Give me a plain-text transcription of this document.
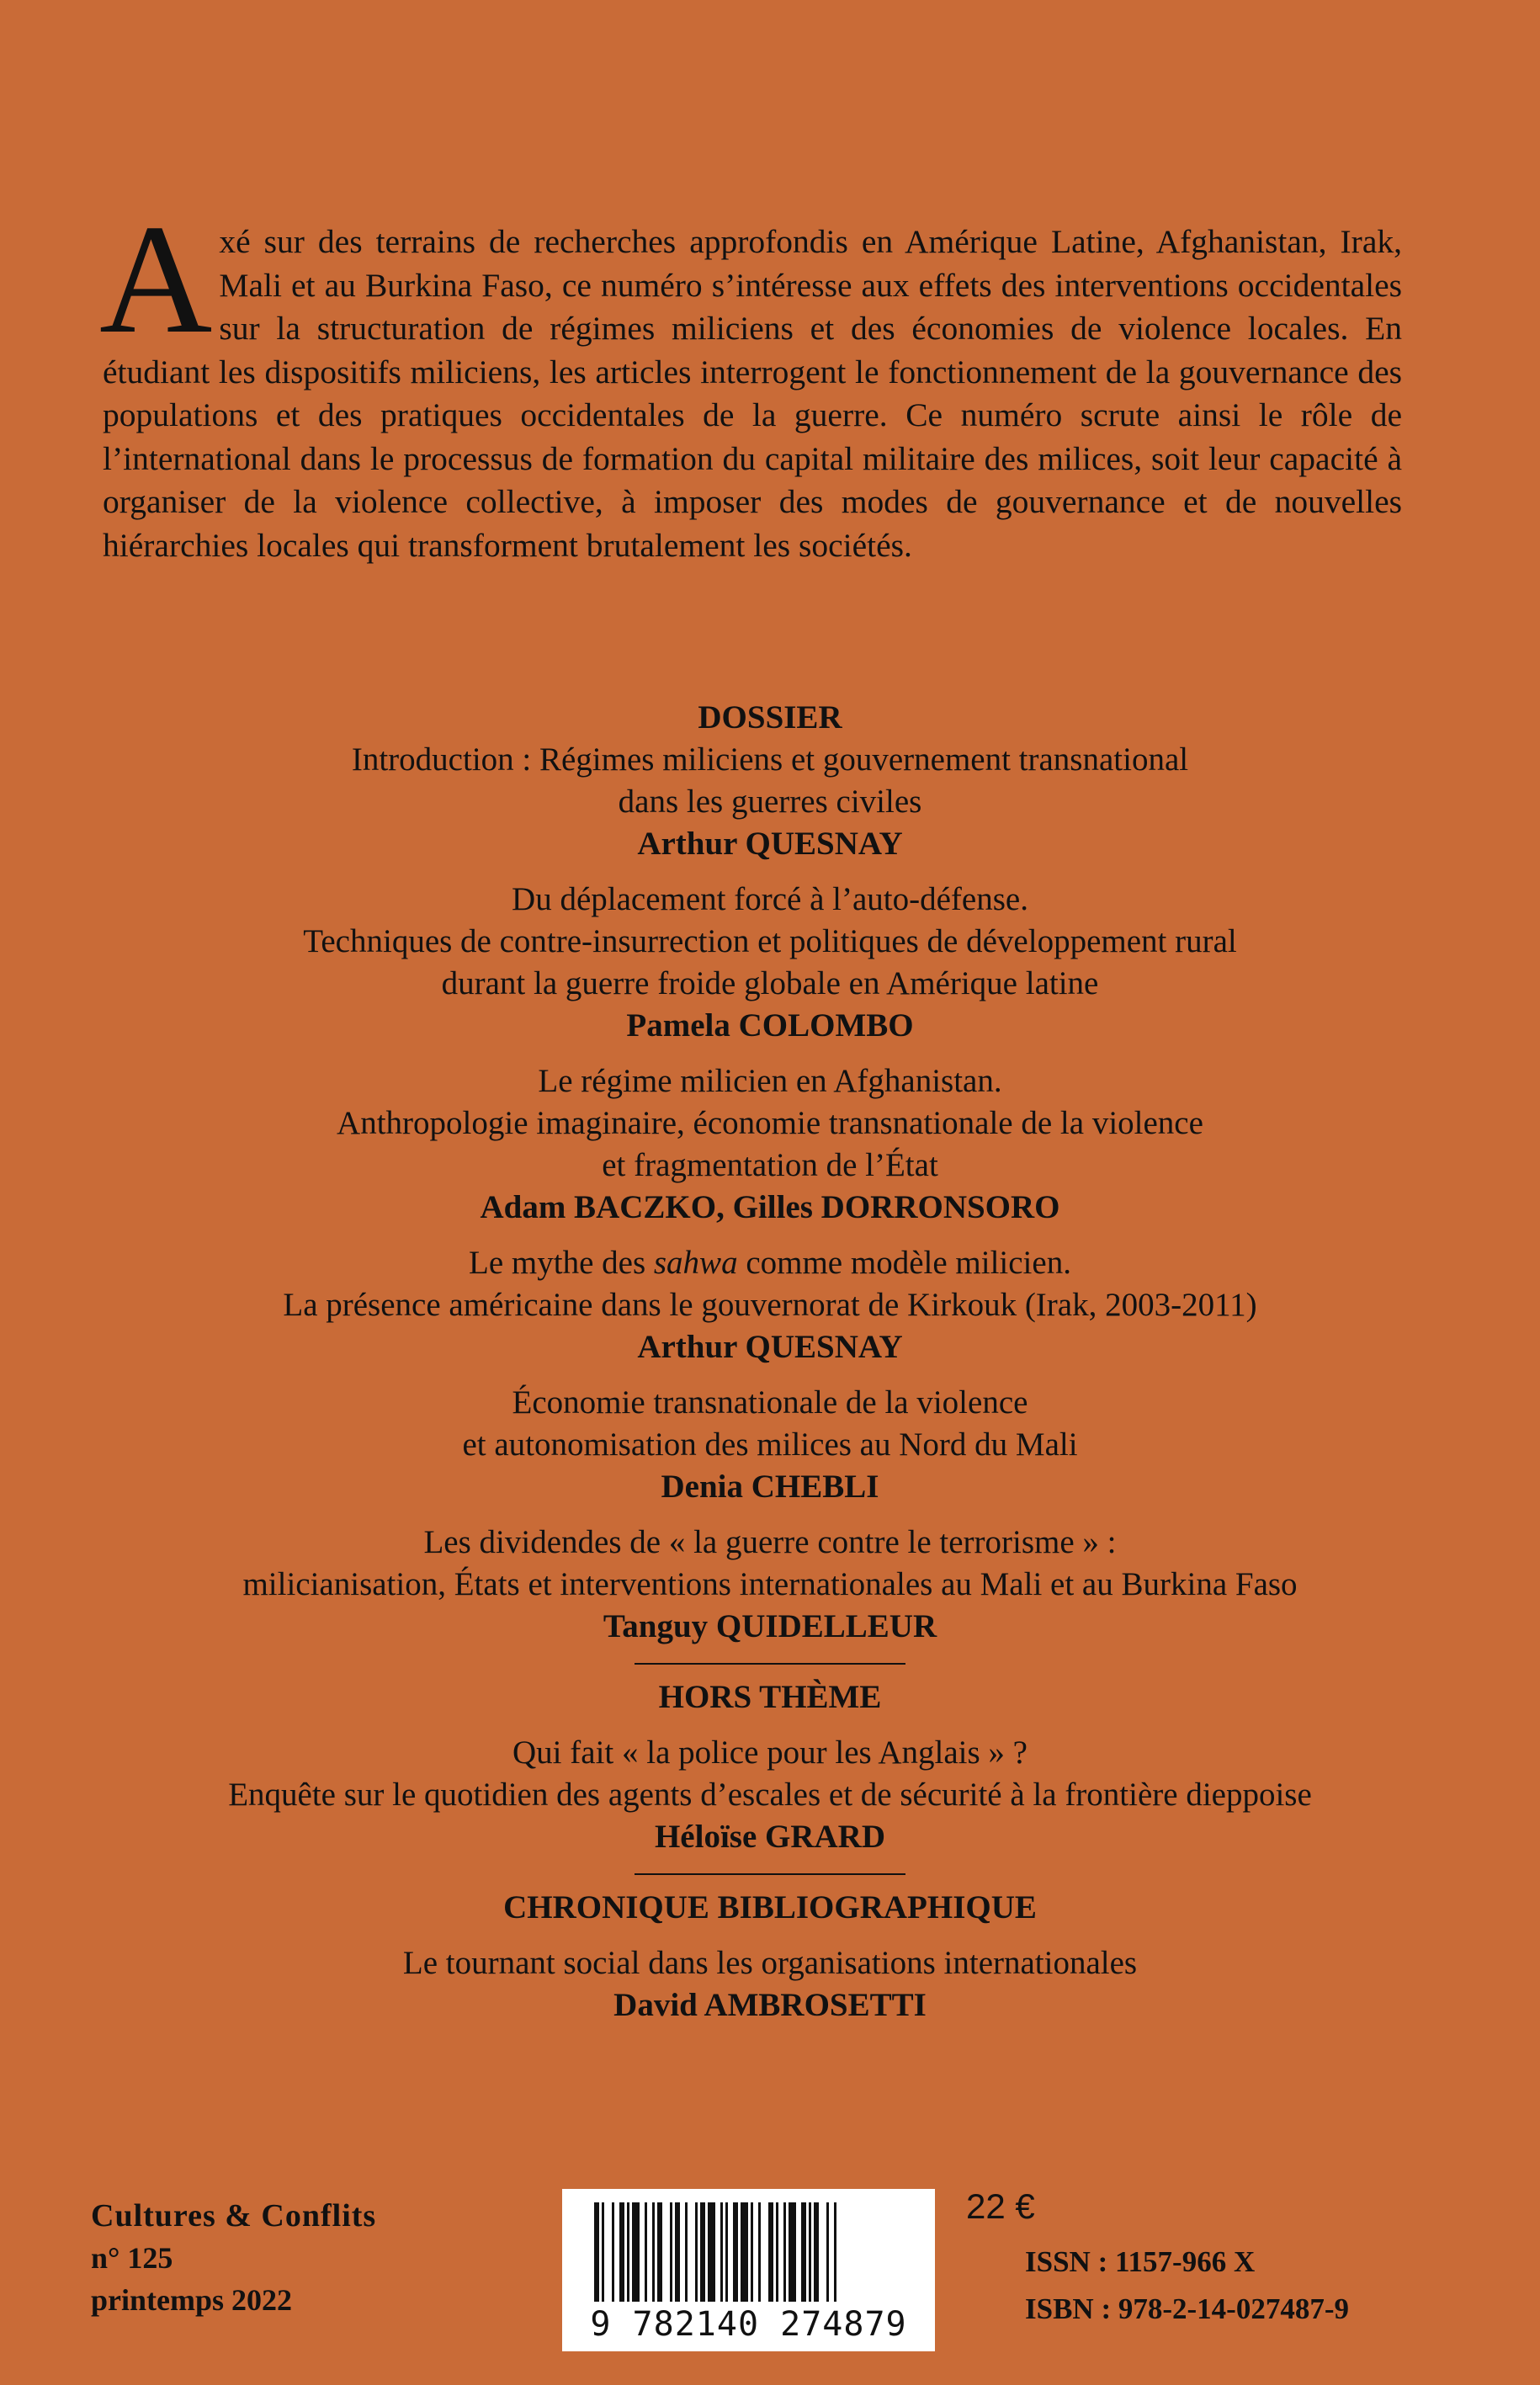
Axé sur des terrains de recherches approfondis en Amérique Latine, Afghanistan, Irak, Mali et au Burkina Faso, ce numéro s’intéresse aux effets des interventions occidentales sur la structuration de régimes miliciens et des économies de violence locales. En étudiant les dispositifs miliciens, les articles interrogent le fonctionnement de la gouvernance des populations et des pratiques occidentales de la guerre. Ce numéro scrute ainsi le rôle de l’international dans le processus de formation du capital militaire des milices, soit leur capacité à organiser de la violence collective, à imposer des modes de gouvernance et de nouvelles hiérarchies locales qui transforment brutalement les sociétés.
DOSSIER
Introduction : Régimes miliciens et gouvernement transnational
dans les guerres civiles
Arthur QUESNAY
Du déplacement forcé à l’auto-défense.
Techniques de contre-insurrection et politiques de développement rural
durant la guerre froide globale en Amérique latine
Pamela COLOMBO
Le régime milicien en Afghanistan.
Anthropologie imaginaire, économie transnationale de la violence
et fragmentation de l’État
Adam BACZKO, Gilles DORRONSORO
Le mythe des sahwa comme modèle milicien.
La présence américaine dans le gouvernorat de Kirkouk (Irak, 2003-2011)
Arthur QUESNAY
Économie transnationale de la violence
et autonomisation des milices au Nord du Mali
Denia CHEBLI
Les dividendes de « la guerre contre le terrorisme » :
milicianisation, États et interventions internationales au Mali et au Burkina Faso
Tanguy QUIDELLEUR
HORS THÈME
Qui fait « la police pour les Anglais » ?
Enquête sur le quotidien des agents d’escales et de sécurité à la frontière dieppoise
Héloïse GRARD
CHRONIQUE BIBLIOGRAPHIQUE
Le tournant social dans les organisations internationales
David AMBROSETTI
Cultures & Conflits
n° 125
printemps 2022
9 782140 274879
22 €
ISSN : 1157-966 X
ISBN : 978-2-14-027487-9
